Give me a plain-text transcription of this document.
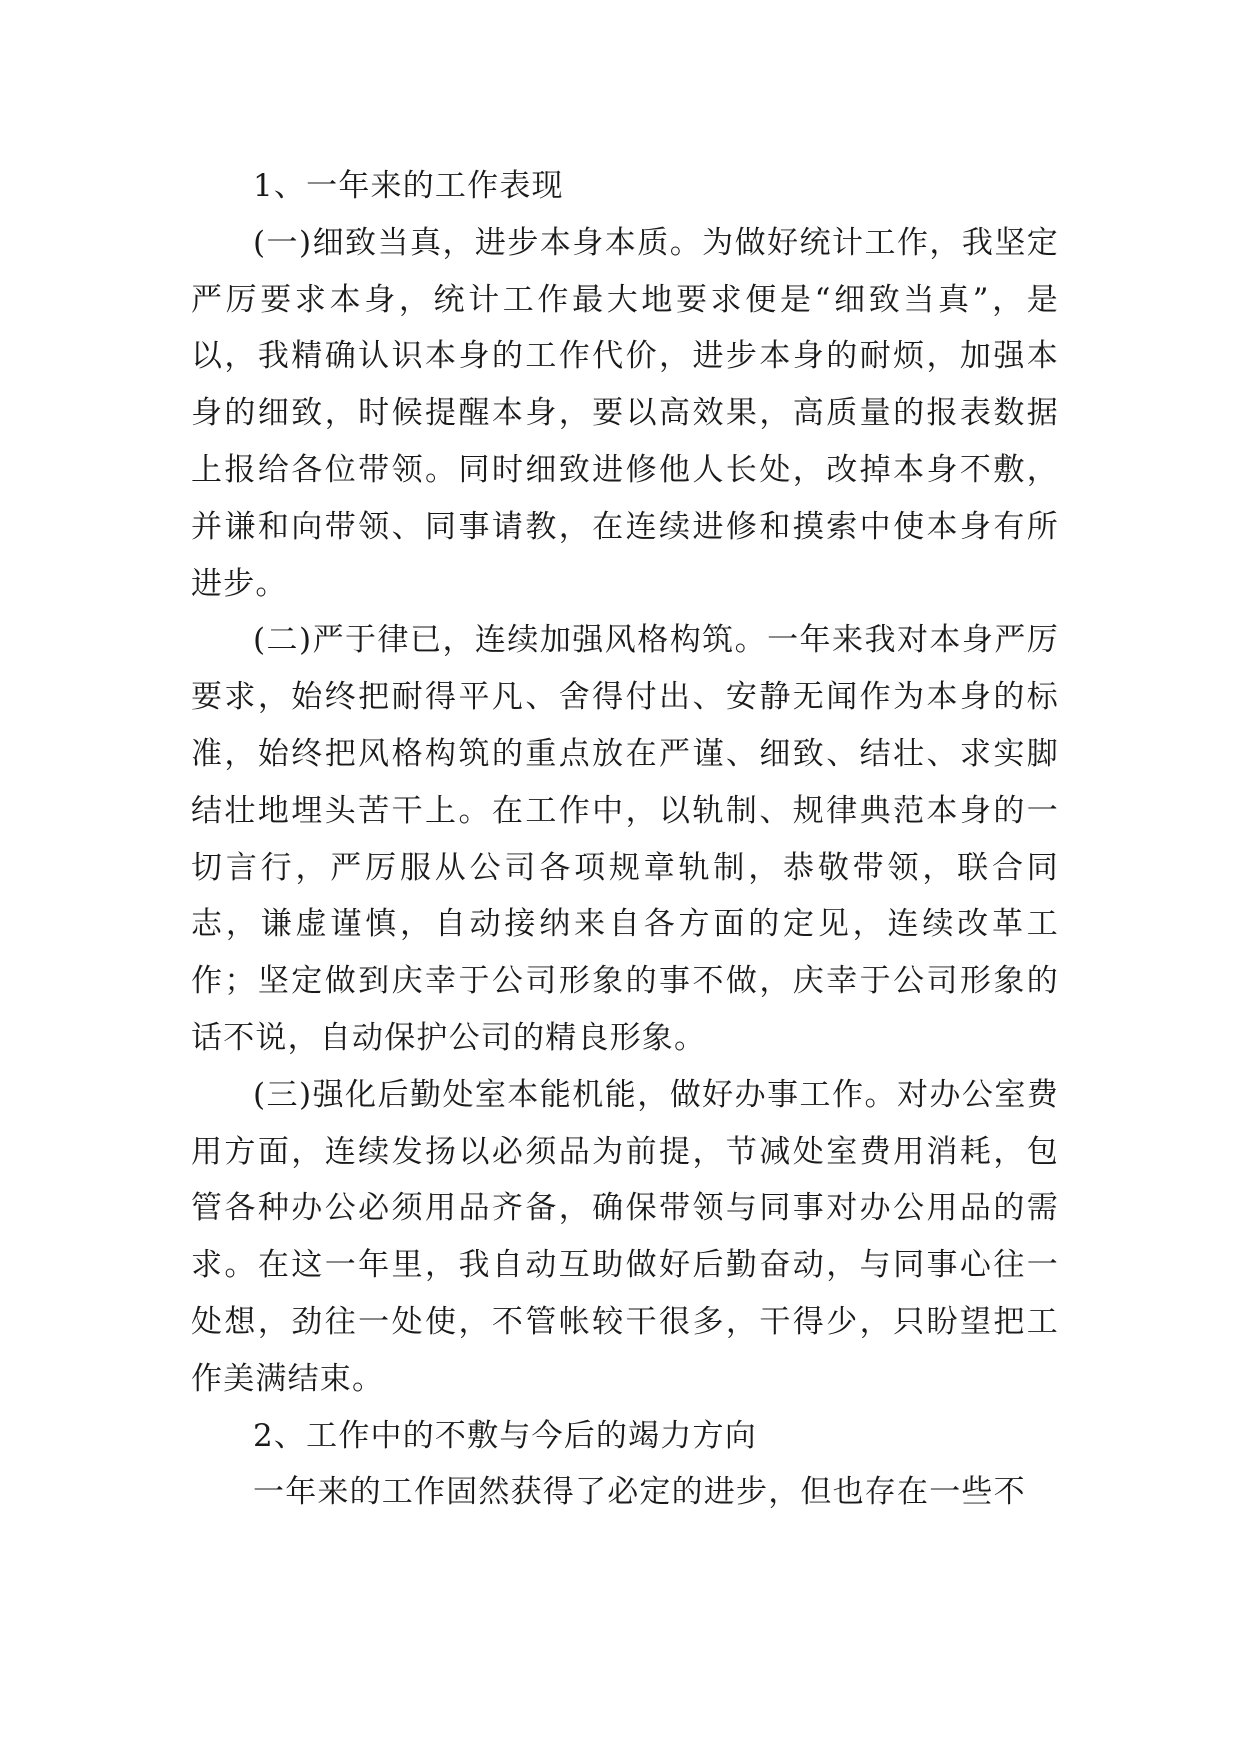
1、一年来的工作表现

(一)细致当真，进步本身本质。为做好统计工作，我坚定严厉要求本身，统计工作最大地要求便是“细致当真”，是以，我精确认识本身的工作代价，进步本身的耐烦，加强本身的细致，时候提醒本身，要以高效果，高质量的报表数据上报给各位带领。同时细致进修他人长处，改掉本身不敷，并谦和向带领、同事请教，在连续进修和摸索中使本身有所进步。

(二)严于律已，连续加强风格构筑。一年来我对本身严厉要求，始终把耐得平凡、舍得付出、安静无闻作为本身的标准，始终把风格构筑的重点放在严谨、细致、结壮、求实脚结壮地埋头苦干上。在工作中，以轨制、规律典范本身的一切言行，严厉服从公司各项规章轨制，恭敬带领，联合同志，谦虚谨慎，自动接纳来自各方面的定见，连续改革工作；坚定做到庆幸于公司形象的事不做，庆幸于公司形象的话不说，自动保护公司的精良形象。

(三)强化后勤处室本能机能，做好办事工作。对办公室费用方面，连续发扬以必须品为前提，节减处室费用消耗，包管各种办公必须用品齐备，确保带领与同事对办公用品的需求。在这一年里，我自动互助做好后勤奋动，与同事心往一处想，劲往一处使，不管帐较干很多，干得少，只盼望把工作美满结束。

2、工作中的不敷与今后的竭力方向

一年来的工作固然获得了必定的进步，但也存在一些不
